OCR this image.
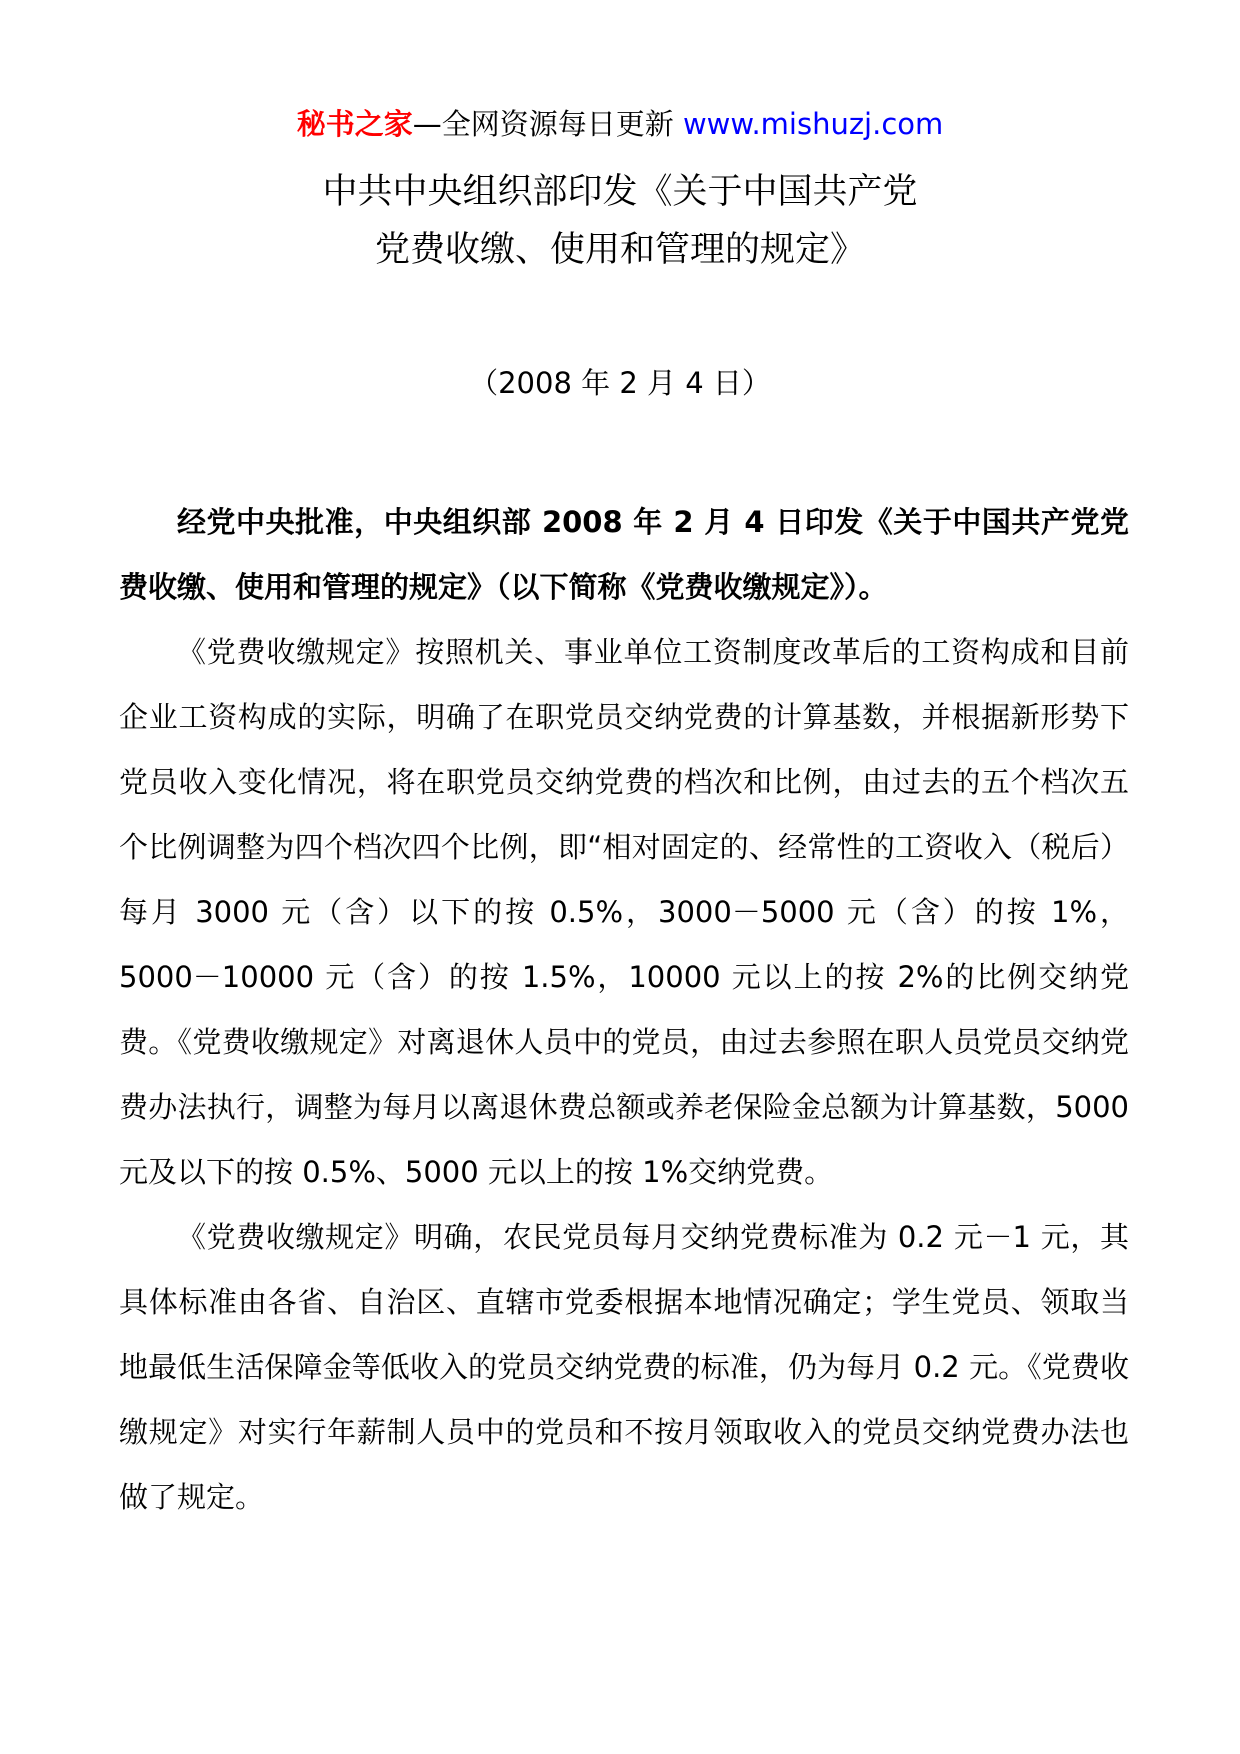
秘书之家—全网资源每日更新 www.mishuzj.com
中共中央组织部印发《关于中国共产党
党费收缴、使用和管理的规定》
（2008 年 2 月 4 日）

经党中央批准，中央组织部 2008 年 2 月 4 日印发《关于中国共产党党费收缴、使用和管理的规定》（以下简称《党费收缴规定》）。

《党费收缴规定》按照机关、事业单位工资制度改革后的工资构成和目前企业工资构成的实际，明确了在职党员交纳党费的计算基数，并根据新形势下党员收入变化情况，将在职党员交纳党费的档次和比例，由过去的五个档次五个比例调整为四个档次四个比例，即“相对固定的、经常性的工资收入（税后）每月 3000 元（含）以下的按 0.5%，3000－5000 元（含）的按 1%，5000－10000 元（含）的按 1.5%，10000 元以上的按 2%的比例交纳党费。《党费收缴规定》对离退休人员中的党员，由过去参照在职人员党员交纳党费办法执行，调整为每月以离退休费总额或养老保险金总额为计算基数，5000 元及以下的按 0.5%、5000 元以上的按 1%交纳党费。

《党费收缴规定》明确，农民党员每月交纳党费标准为 0.2 元－1 元，其具体标准由各省、自治区、直辖市党委根据本地情况确定；学生党员、领取当地最低生活保障金等低收入的党员交纳党费的标准，仍为每月 0.2 元。《党费收缴规定》对实行年薪制人员中的党员和不按月领取收入的党员交纳党费办法也做了规定。
